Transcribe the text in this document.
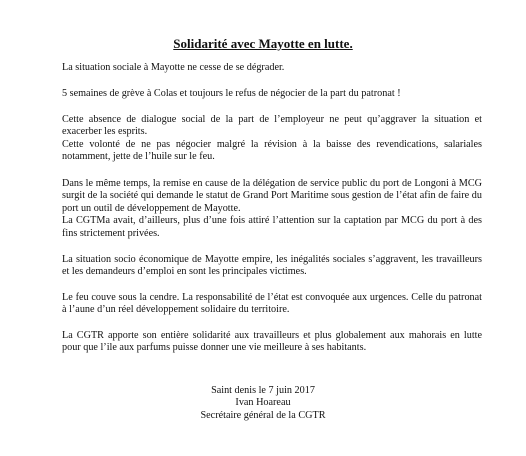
Solidarité avec Mayotte en lutte.

La situation sociale à Mayotte ne cesse de se dégrader.

5 semaines de grève à Colas et toujours le refus de négocier de la part du patronat !

Cette absence de dialogue social de la part de l’employeur ne peut qu’aggraver la situation et exacerber les esprits.

Cette volonté de ne pas négocier malgré la révision à la baisse des revendications, salariales notamment, jette de l’huile sur le feu.

Dans le même temps, la remise en cause de la délégation de service public du port de Longoni à MCG surgit de la société qui demande le statut de Grand Port Maritime sous gestion de l’état afin de faire du port un outil de développement de Mayotte.

La CGTMa avait, d’ailleurs, plus d’une fois attiré l’attention sur la captation par MCG du port à des fins strictement privées.

La situation socio économique de Mayotte empire, les inégalités sociales s’aggravent, les travailleurs et les demandeurs d’emploi en sont les principales victimes.

Le feu couve sous la cendre. La responsabilité de l’état est convoquée aux urgences. Celle du patronat à l’aune d’un réel développement solidaire du territoire.

La CGTR apporte son entière solidarité aux travailleurs et plus globalement aux mahorais en lutte pour que l’ile aux parfums puisse donner une vie meilleure à ses habitants.

Saint denis le 7 juin 2017
Ivan Hoareau
Secrétaire général de la CGTR
